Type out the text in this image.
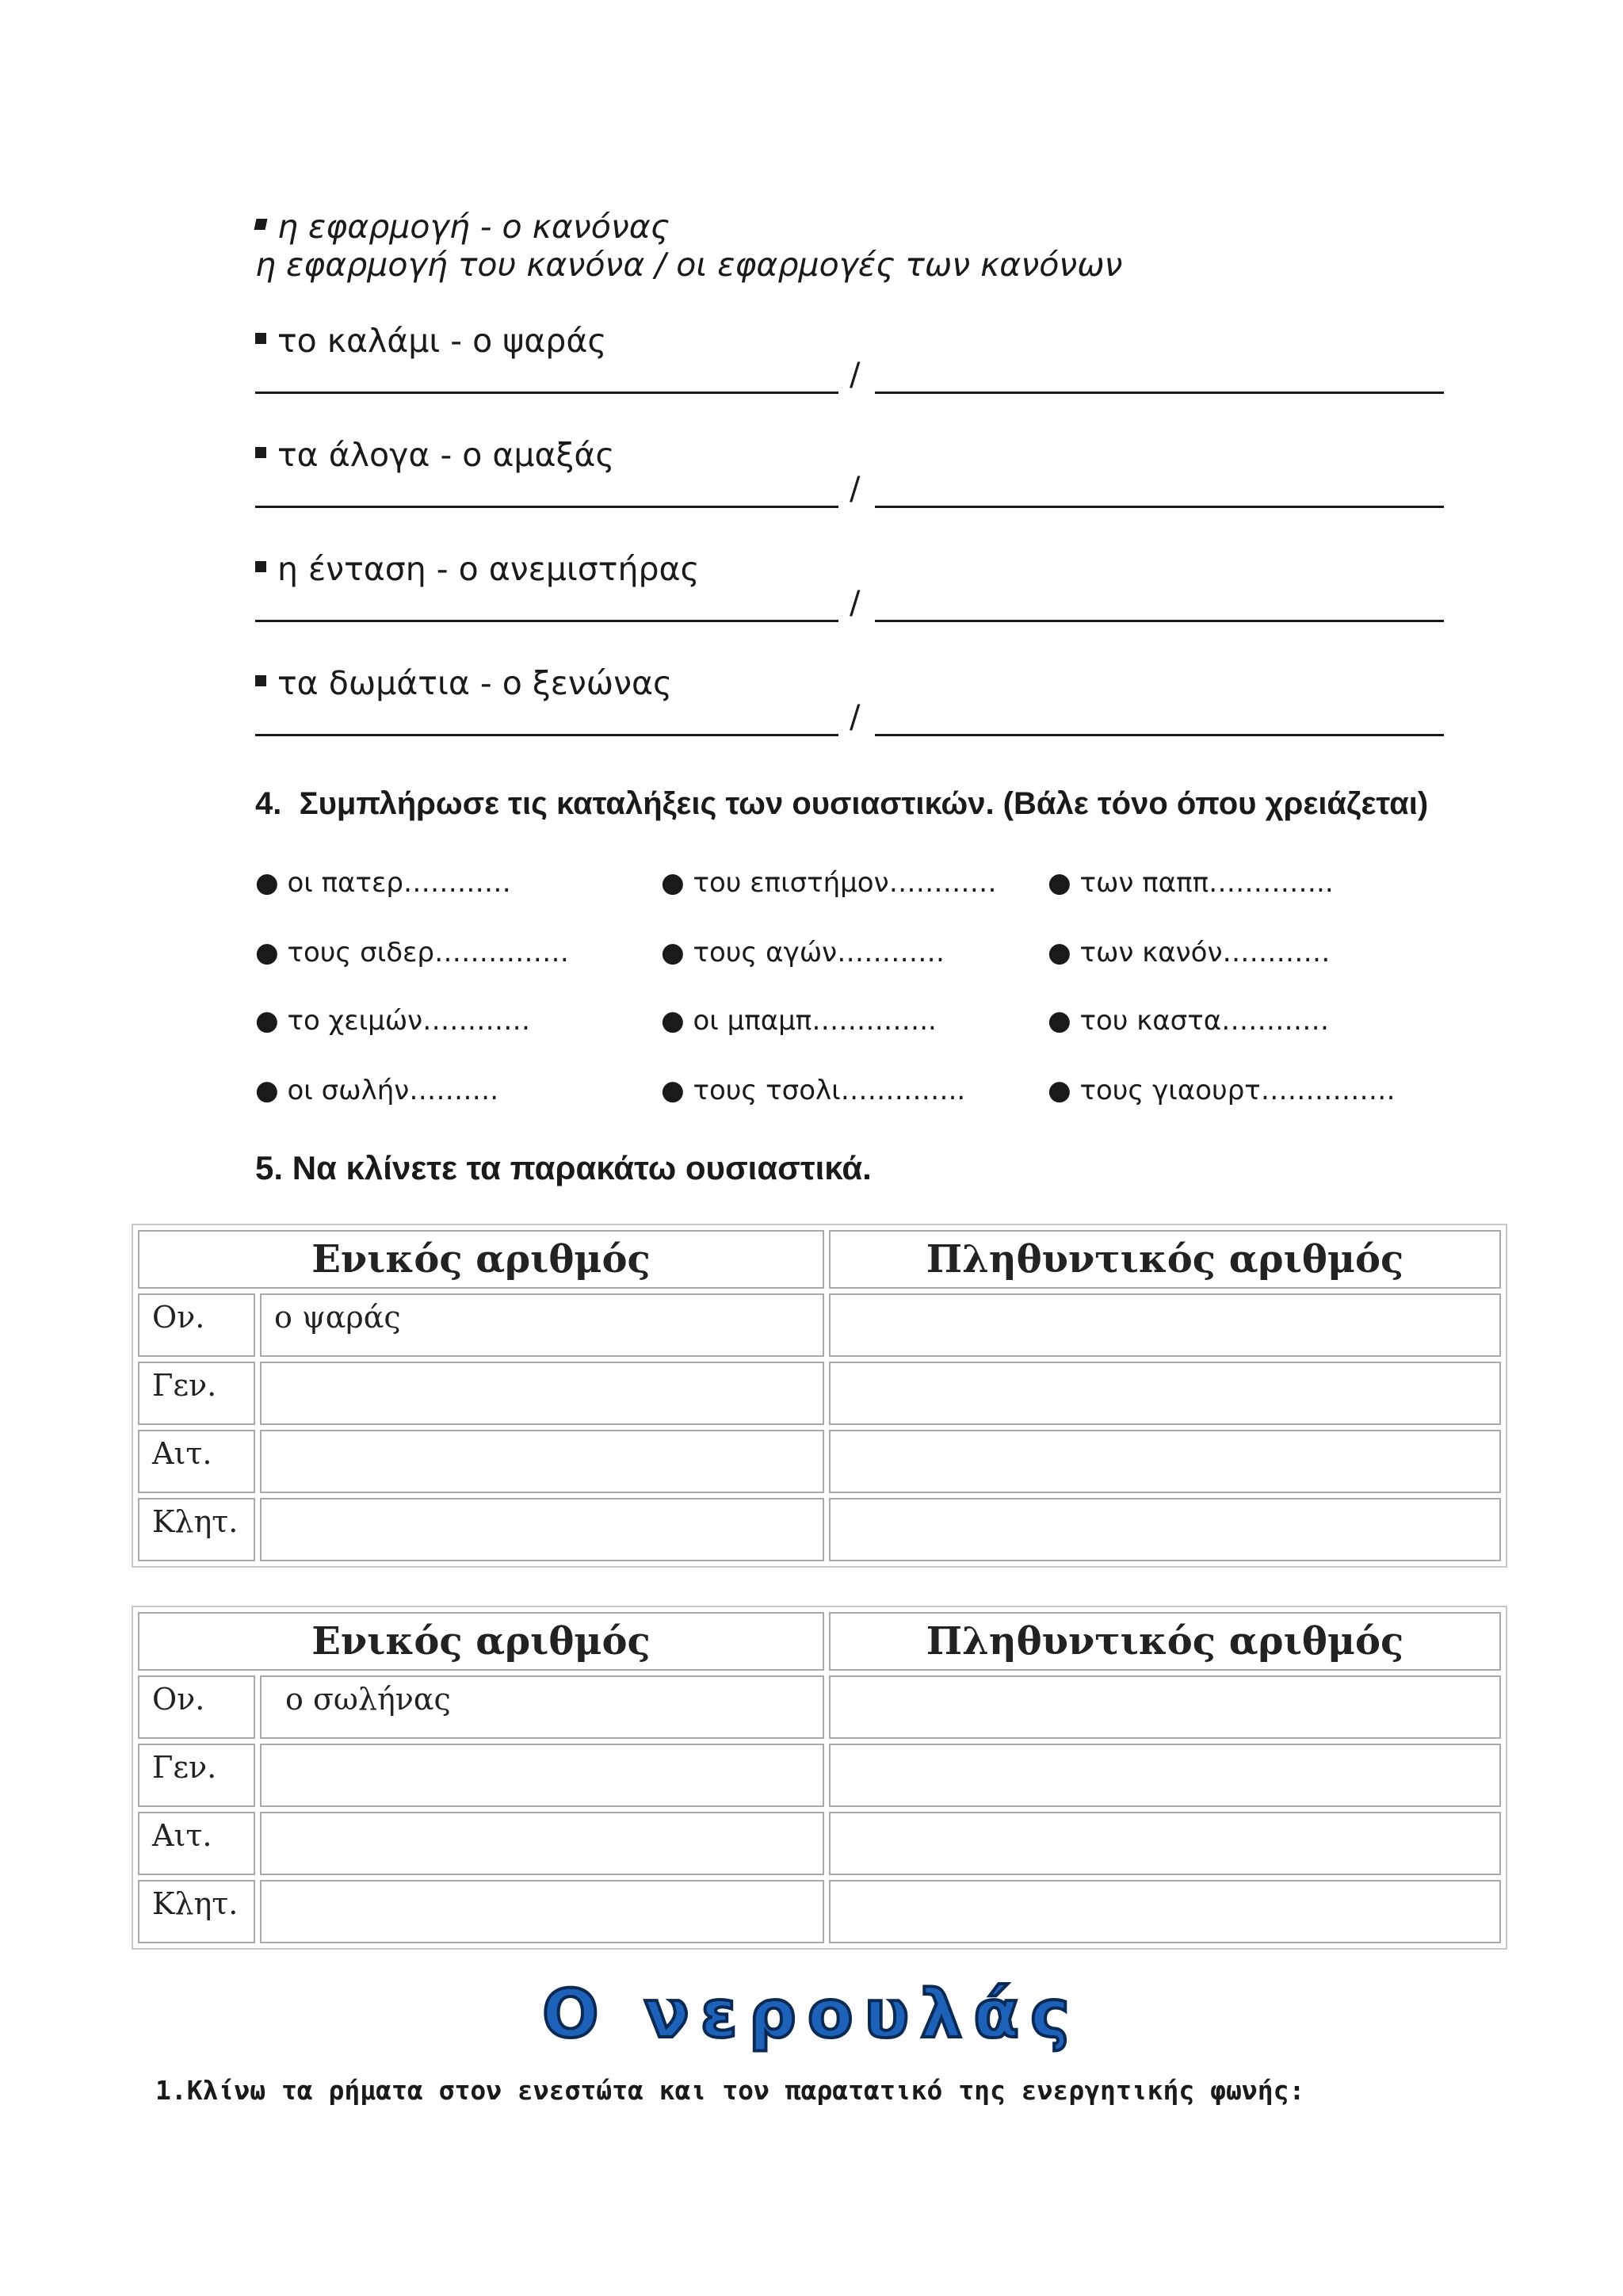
η εφαρμογή - ο κανόνας
η εφαρμογή του κανόνα / οι εφαρμογές των κανόνων
το καλάμι - ο ψαράς
/
τα άλογα - ο αμαξάς
/
η ένταση - ο ανεμιστήρας
/
τα δωμάτια - ο ξενώνας
/
4. Συμπλήρωσε τις καταλήξεις των ουσιαστικών. (Βάλε τόνο όπου χρειάζεται)
● οι πατερ…………	● του επιστήμον………… ● των παππ…………..
● τους σιδερ……………	● τους αγών…………	● των κανόν…………
● το χειμών…………	● οι μπαμπ…………..	● του καστα…………
● οι σωλήν……….	● τους τσολι…………..	● τους γιαουρτ……………
5. Να κλίνετε τα παρακάτω ουσιαστικά.
Ενικός αριθμός		Πληθυντικός αριθμός
Ον.	ο ψαράς	
Γεν.		
Αιτ.		
Κλητ.		
Ενικός αριθμός		Πληθυντικός αριθμός
Ον.	ο σωλήνας	
Γεν.		
Αιτ.		
Κλητ.		
Ο νερουλάς
1.Κλίνω τα ρήματα στον ενεστώτα και τον παρατατικό της ενεργητικής φωνής:
